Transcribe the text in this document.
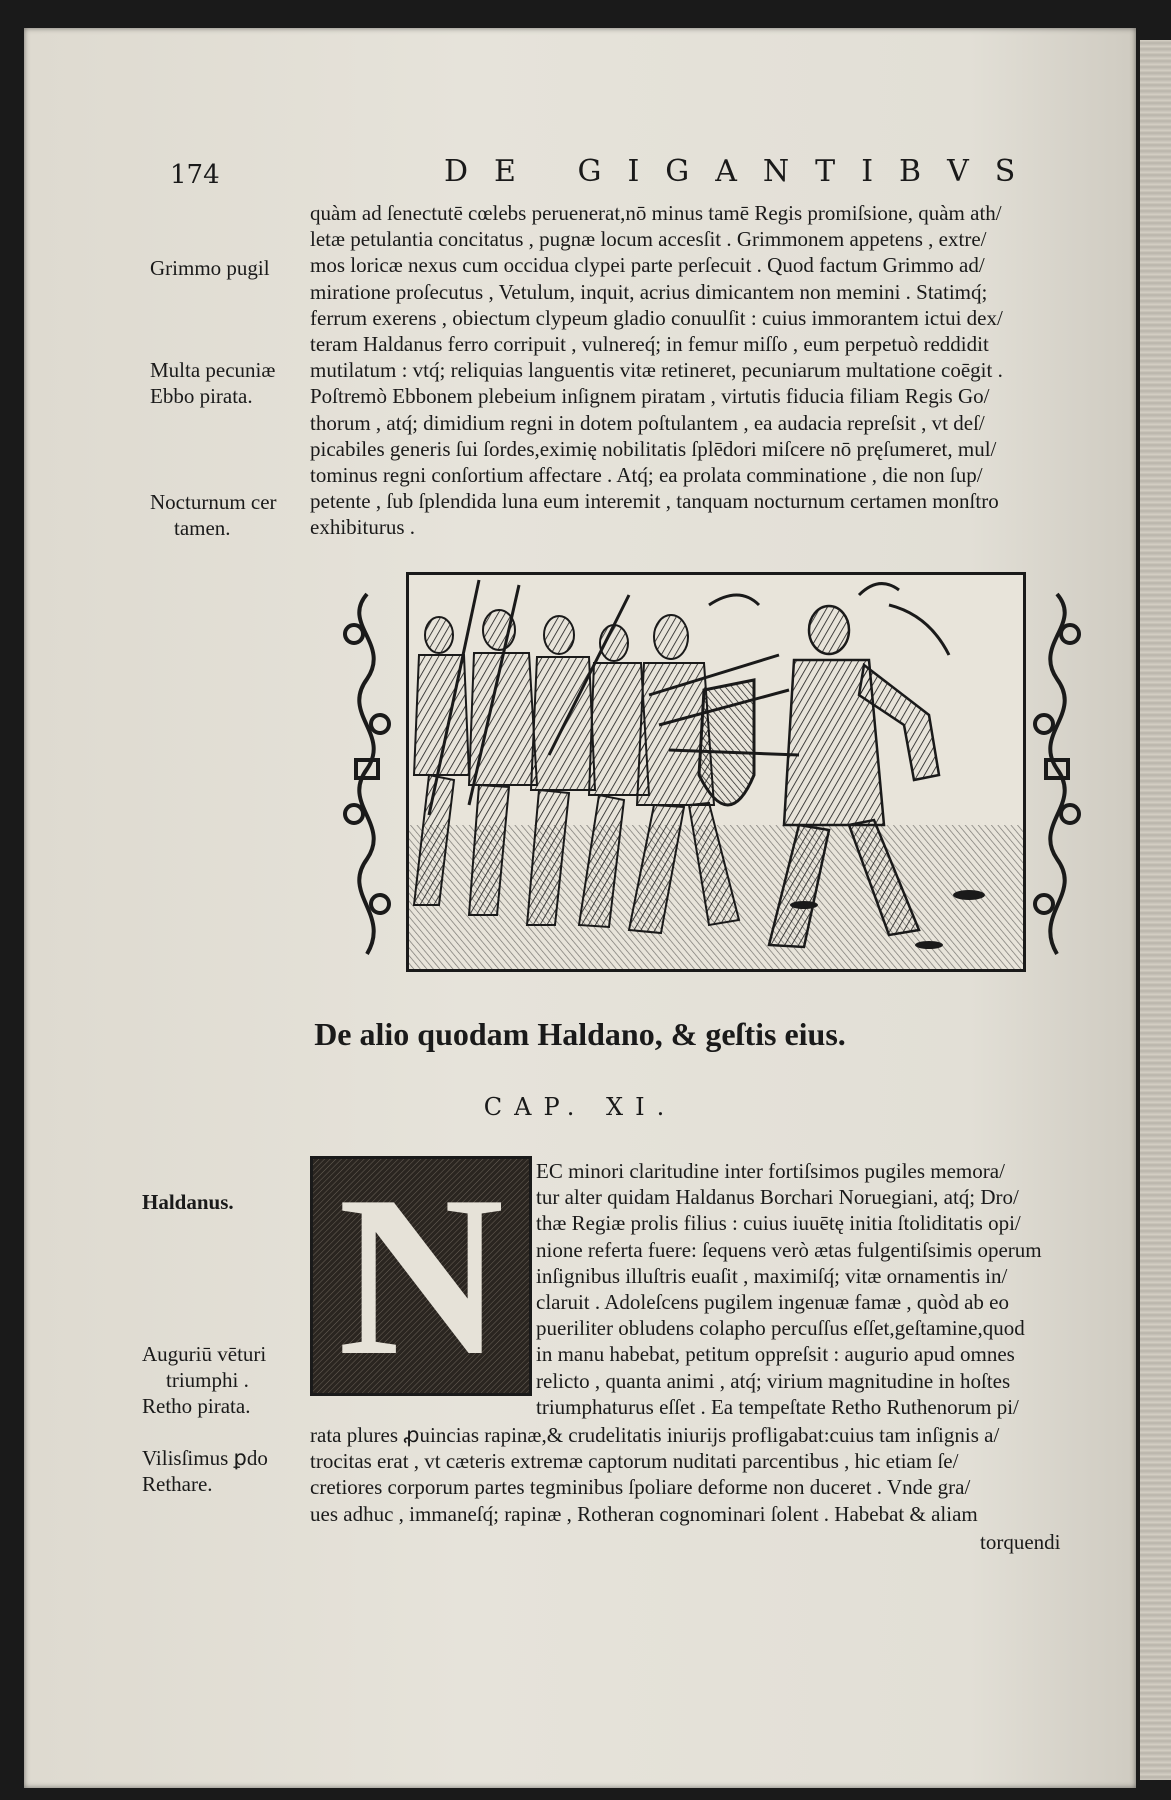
174	DE GIGANTIBVS
quàm ad ſenectutē cœlebs peruenerat,nō minus tamē Regis promiſsione, quàm ath/
letæ petulantia concitatus , pugnæ locum accesſit . Grimmonem appetens , extre/
mos loricæ nexus cum occidua clypei parte perſecuit . Quod factum Grimmo ad/
miratione proſecutus , Vetulum, inquit, acrius dimicantem non memini . Statimq́;
ferrum exerens , obiectum clypeum gladio conuulſit : cuius immorantem ictui dex/
teram Haldanus ferro corripuit , vulnereq́; in femur miſſo , eum perpetuò reddidit
mutilatum : vtq́; reliquias languentis vitæ retineret, pecuniarum multatione coēgit .
Poſtremò Ebbonem plebeium inſignem piratam , virtutis fiducia filiam Regis Go/
thorum , atq́; dimidium regni in dotem poſtulantem , ea audacia repreſsit , vt deſ/
picabiles generis ſui ſordes,eximię nobilitatis ſplēdori miſcere nō pręſumeret, mul/
tominus regni conſortium affectare . Atq́; ea prolata comminatione , die non ſup/
petente , ſub ſplendida luna eum interemit , tanquam nocturnum certamen monſtro
exhibiturus .
Grimmo pugil
Multa pecuniæ
Ebbo pirata.
Nocturnum cer
tamen.
De alio quodam Haldano, & geſtis eius.
CAP. XI.
N	EC minori claritudine inter fortiſsimos pugiles memora/
tur alter quidam Haldanus Borchari Noruegiani, atq́; Dro/
thæ Regiæ prolis filius : cuius iuuētę initia ſtoliditatis opi/
nione referta fuere: ſequens verò ætas fulgentiſsimis operum
inſignibus illuſtris euaſit , maximiſq́; vitæ ornamentis in/
claruit . Adoleſcens pugilem ingenuæ famæ , quòd ab eo
pueriliter obludens colapho percuſſus eſſet,geſtamine,quod
in manu habebat, petitum oppreſsit : augurio apud omnes
relicto , quanta animi , atq́; virium magnitudine in hoſtes
triumphaturus eſſet . Ea tempeſtate Retho Ruthenorum pi/
rata plures ꝓuincias rapinæ,& crudelitatis iniurijs profligabat:cuius tam inſignis a/
trocitas erat , vt cæteris extremæ captorum nuditati parcentibus , hic etiam ſe/
cretiores corporum partes tegminibus ſpoliare deforme non duceret . Vnde gra/
ues adhuc , immaneſq́; rapinæ , Rotheran cognominari ſolent . Habebat & aliam
torquendi
Haldanus.
Auguriū vēturi
triumphi .
Retho pirata.
Vilisſimus ꝑdo
Rethare.
